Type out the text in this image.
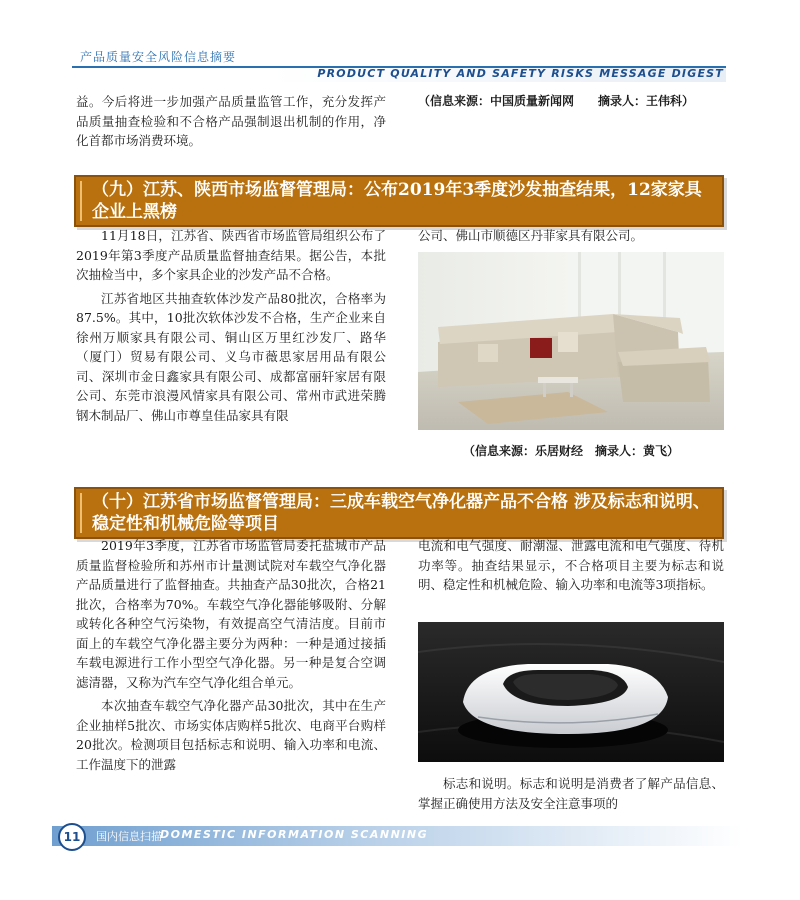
产品质量安全风险信息摘要
PRODUCT QUALITY AND SAFETY RISKS MESSAGE DIGEST

益。今后将进一步加强产品质量监管工作，充分发挥产品质量抽查检验和不合格产品强制退出机制的作用，净化首都市场消费环境。

（信息来源：中国质量新闻网　　摘录人：王伟科）

（九）江苏、陕西市场监督管理局：公布2019年3季度沙发抽查结果，12家家具企业上黑榜

11月18日，江苏省、陕西省市场监管局组织公布了2019年第3季度产品质量监督抽查结果。据公告，本批次抽检当中，多个家具企业的沙发产品不合格。

江苏省地区共抽查软体沙发产品80批次，合格率为87.5%。其中，10批次软体沙发不合格，生产企业来自徐州万顺家具有限公司、铜山区万里红沙发厂、路华（厦门）贸易有限公司、义乌市薇思家居用品有限公司、深圳市金日鑫家具有限公司、成都富丽轩家居有限公司、东莞市浪漫风情家具有限公司、常州市武进荣腾钢木制品厂、佛山市尊皇佳品家具有限

公司、佛山市顺德区丹菲家具有限公司。

（信息来源：乐居财经　摘录人：黄飞）

（十）江苏省市场监督管理局：三成车载空气净化器产品不合格 涉及标志和说明、稳定性和机械危险等项目

2019年3季度，江苏省市场监管局委托盐城市产品质量监督检验所和苏州市计量测试院对车载空气净化器产品质量进行了监督抽查。共抽查产品30批次，合格21批次，合格率为70%。车载空气净化器能够吸附、分解或转化各种空气污染物，有效提高空气清洁度。目前市面上的车载空气净化器主要分为两种：一种是通过接插车载电源进行工作小型空气净化器。另一种是复合空调滤清器，又称为汽车空气净化组合单元。

本次抽查车载空气净化器产品30批次，其中在生产企业抽样5批次、市场实体店购样5批次、电商平台购样20批次。检测项目包括标志和说明、输入功率和电流、工作温度下的泄露

电流和电气强度、耐潮湿、泄露电流和电气强度、待机功率等。抽查结果显示，不合格项目主要为标志和说明、稳定性和机械危险、输入功率和电流等3项指标。

标志和说明。标志和说明是消费者了解产品信息、掌握正确使用方法及安全注意事项的

11	国内信息扫描
DOMESTIC INFORMATION SCANNING
